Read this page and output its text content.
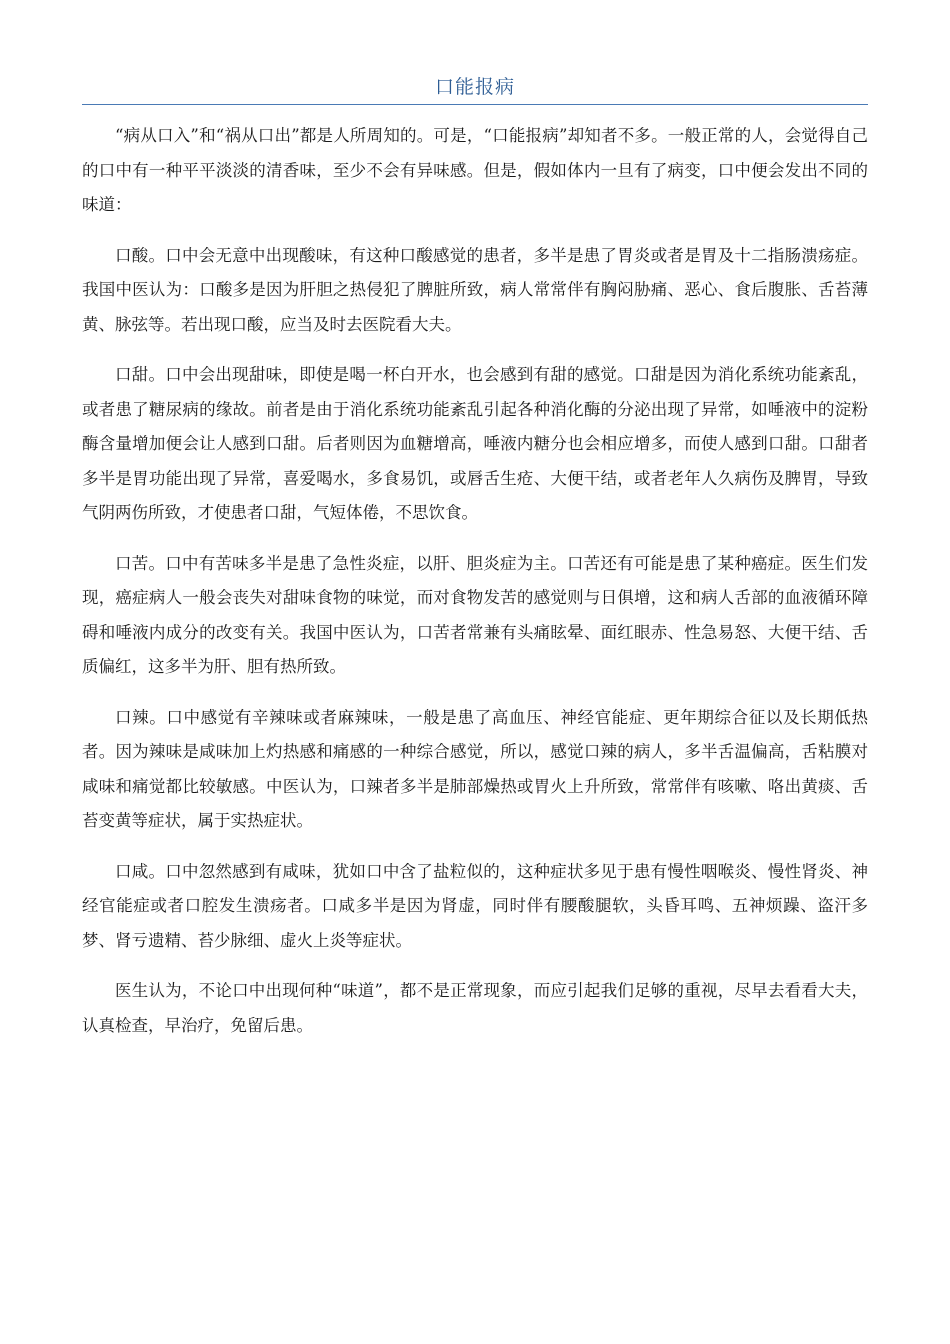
口能报病

“病从口入”和“祸从口出”都是人所周知的。可是，“口能报病”却知者不多。一般正常的人，会觉得自己的口中有一种平平淡淡的清香味，至少不会有异味感。但是，假如体内一旦有了病变，口中便会发出不同的味道：

口酸。口中会无意中出现酸味，有这种口酸感觉的患者，多半是患了胃炎或者是胃及十二指肠溃疡症。我国中医认为：口酸多是因为肝胆之热侵犯了脾脏所致，病人常常伴有胸闷胁痛、恶心、食后腹胀、舌苔薄黄、脉弦等。若出现口酸，应当及时去医院看大夫。

口甜。口中会出现甜味，即使是喝一杯白开水，也会感到有甜的感觉。口甜是因为消化系统功能紊乱，或者患了糖尿病的缘故。前者是由于消化系统功能紊乱引起各种消化酶的分泌出现了异常，如唾液中的淀粉酶含量增加便会让人感到口甜。后者则因为血糖增高，唾液内糖分也会相应增多，而使人感到口甜。口甜者多半是胃功能出现了异常，喜爱喝水，多食易饥，或唇舌生疮、大便干结，或者老年人久病伤及脾胃，导致气阴两伤所致，才使患者口甜，气短体倦，不思饮食。

口苦。口中有苦味多半是患了急性炎症，以肝、胆炎症为主。口苦还有可能是患了某种癌症。医生们发现，癌症病人一般会丧失对甜味食物的味觉，而对食物发苦的感觉则与日俱增，这和病人舌部的血液循环障碍和唾液内成分的改变有关。我国中医认为，口苦者常兼有头痛眩晕、面红眼赤、性急易怒、大便干结、舌质偏红，这多半为肝、胆有热所致。

口辣。口中感觉有辛辣味或者麻辣味，一般是患了高血压、神经官能症、更年期综合征以及长期低热者。因为辣味是咸味加上灼热感和痛感的一种综合感觉，所以，感觉口辣的病人，多半舌温偏高，舌粘膜对咸味和痛觉都比较敏感。中医认为，口辣者多半是肺部燥热或胃火上升所致，常常伴有咳嗽、咯出黄痰、舌苔变黄等症状，属于实热症状。

口咸。口中忽然感到有咸味，犹如口中含了盐粒似的，这种症状多见于患有慢性咽喉炎、慢性肾炎、神经官能症或者口腔发生溃疡者。口咸多半是因为肾虚，同时伴有腰酸腿软，头昏耳鸣、五神烦躁、盗汗多梦、肾亏遗精、苔少脉细、虚火上炎等症状。

医生认为，不论口中出现何种“味道”，都不是正常现象，而应引起我们足够的重视，尽早去看看大夫，认真检查，早治疗，免留后患。
